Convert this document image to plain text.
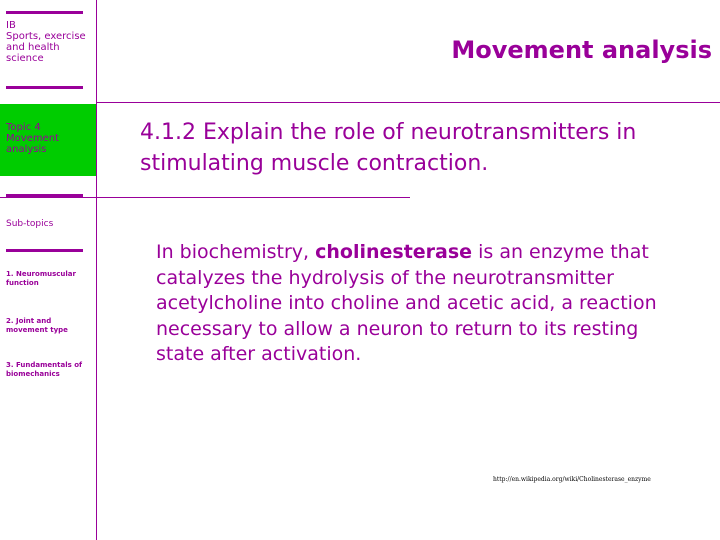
IB
Sports, exercise and health science
Topic 4
Movement analysis
Sub-topics
1. Neuromuscular function
2. Joint and movement type
3. Fundamentals of biomechanics
Movement analysis
4.1.2 Explain the role of neurotransmitters in stimulating muscle contraction.
In biochemistry, cholinesterase is an enzyme that catalyzes the hydrolysis of the neurotransmitter acetylcholine into choline and acetic acid, a reaction necessary to allow a neuron to return to its resting state after activation.
http://en.wikipedia.org/wiki/Cholinesterase_enzyme
